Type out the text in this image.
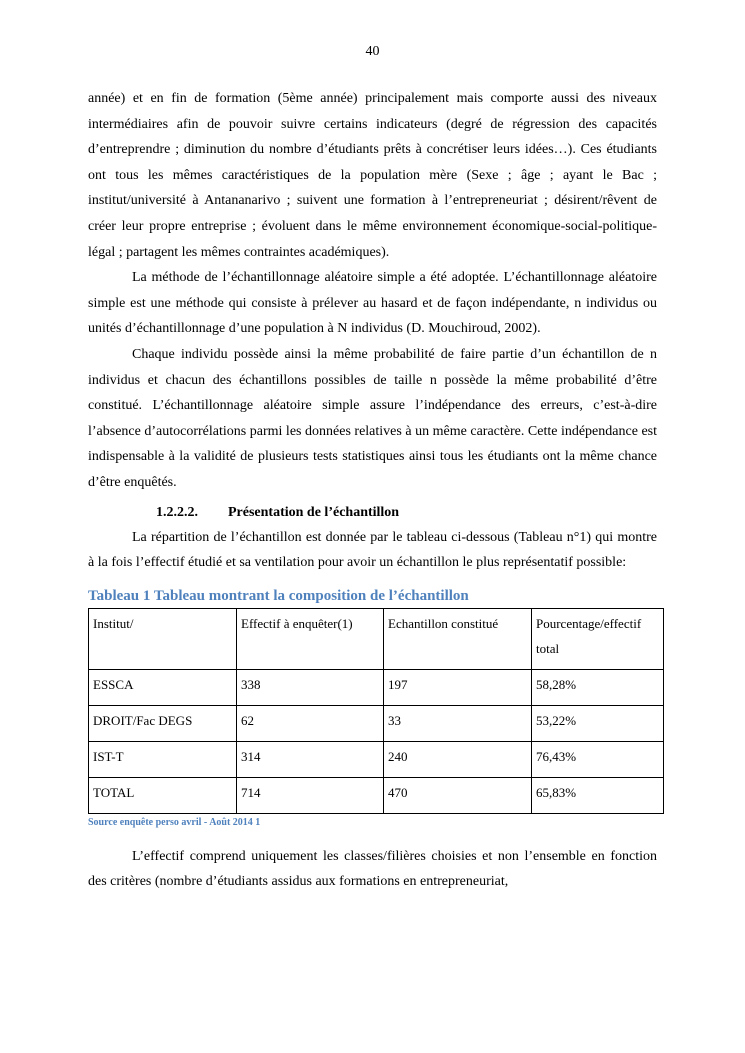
40

année) et en fin de formation (5ème année) principalement mais comporte aussi des niveaux intermédiaires afin de pouvoir suivre certains indicateurs (degré de régression des capacités d’entreprendre ; diminution du nombre d’étudiants prêts à concrétiser leurs idées…). Ces étudiants ont tous les mêmes caractéristiques de la population mère (Sexe ; âge ; ayant le Bac ; institut/université à Antananarivo ; suivent une formation à l’entrepreneuriat ; désirent/rêvent de créer leur propre entreprise ; évoluent dans le même environnement économique-social-politique-légal ; partagent les mêmes contraintes académiques).

La méthode de l’échantillonnage aléatoire simple a été adoptée. L’échantillonnage aléatoire simple est une méthode qui consiste à prélever au hasard et de façon indépendante, n individus ou unités d’échantillonnage d’une population à N individus (D. Mouchiroud, 2002).

Chaque individu possède ainsi la même probabilité de faire partie d’un échantillon de n individus et chacun des échantillons possibles de taille n possède la même probabilité d’être constitué. L’échantillonnage aléatoire simple assure l’indépendance des erreurs, c’est-à-dire l’absence d’autocorrélations parmi les données relatives à un même caractère. Cette indépendance est indispensable à la validité de plusieurs tests statistiques ainsi tous les étudiants ont la même chance d’être enquêtés.

1.2.2.2. Présentation de l’échantillon

La répartition de l’échantillon est donnée par le tableau ci-dessous (Tableau n°1) qui montre à la fois l’effectif étudié et sa ventilation pour avoir un échantillon le plus représentatif possible:

Tableau 1 Tableau montrant la composition de l’échantillon
Institut/	Effectif à enquêter(1)	Echantillon constitué	Pourcentage/effectif total
ESSCA	338	197	58,28%
DROIT/Fac DEGS	62	33	53,22%
IST-T	314	240	76,43%
TOTAL	714	470	65,83%
Source enquête perso avril - Août 2014 1

L’effectif comprend uniquement les classes/filières choisies et non l’ensemble en fonction des critères (nombre d’étudiants assidus aux formations en entrepreneuriat,
